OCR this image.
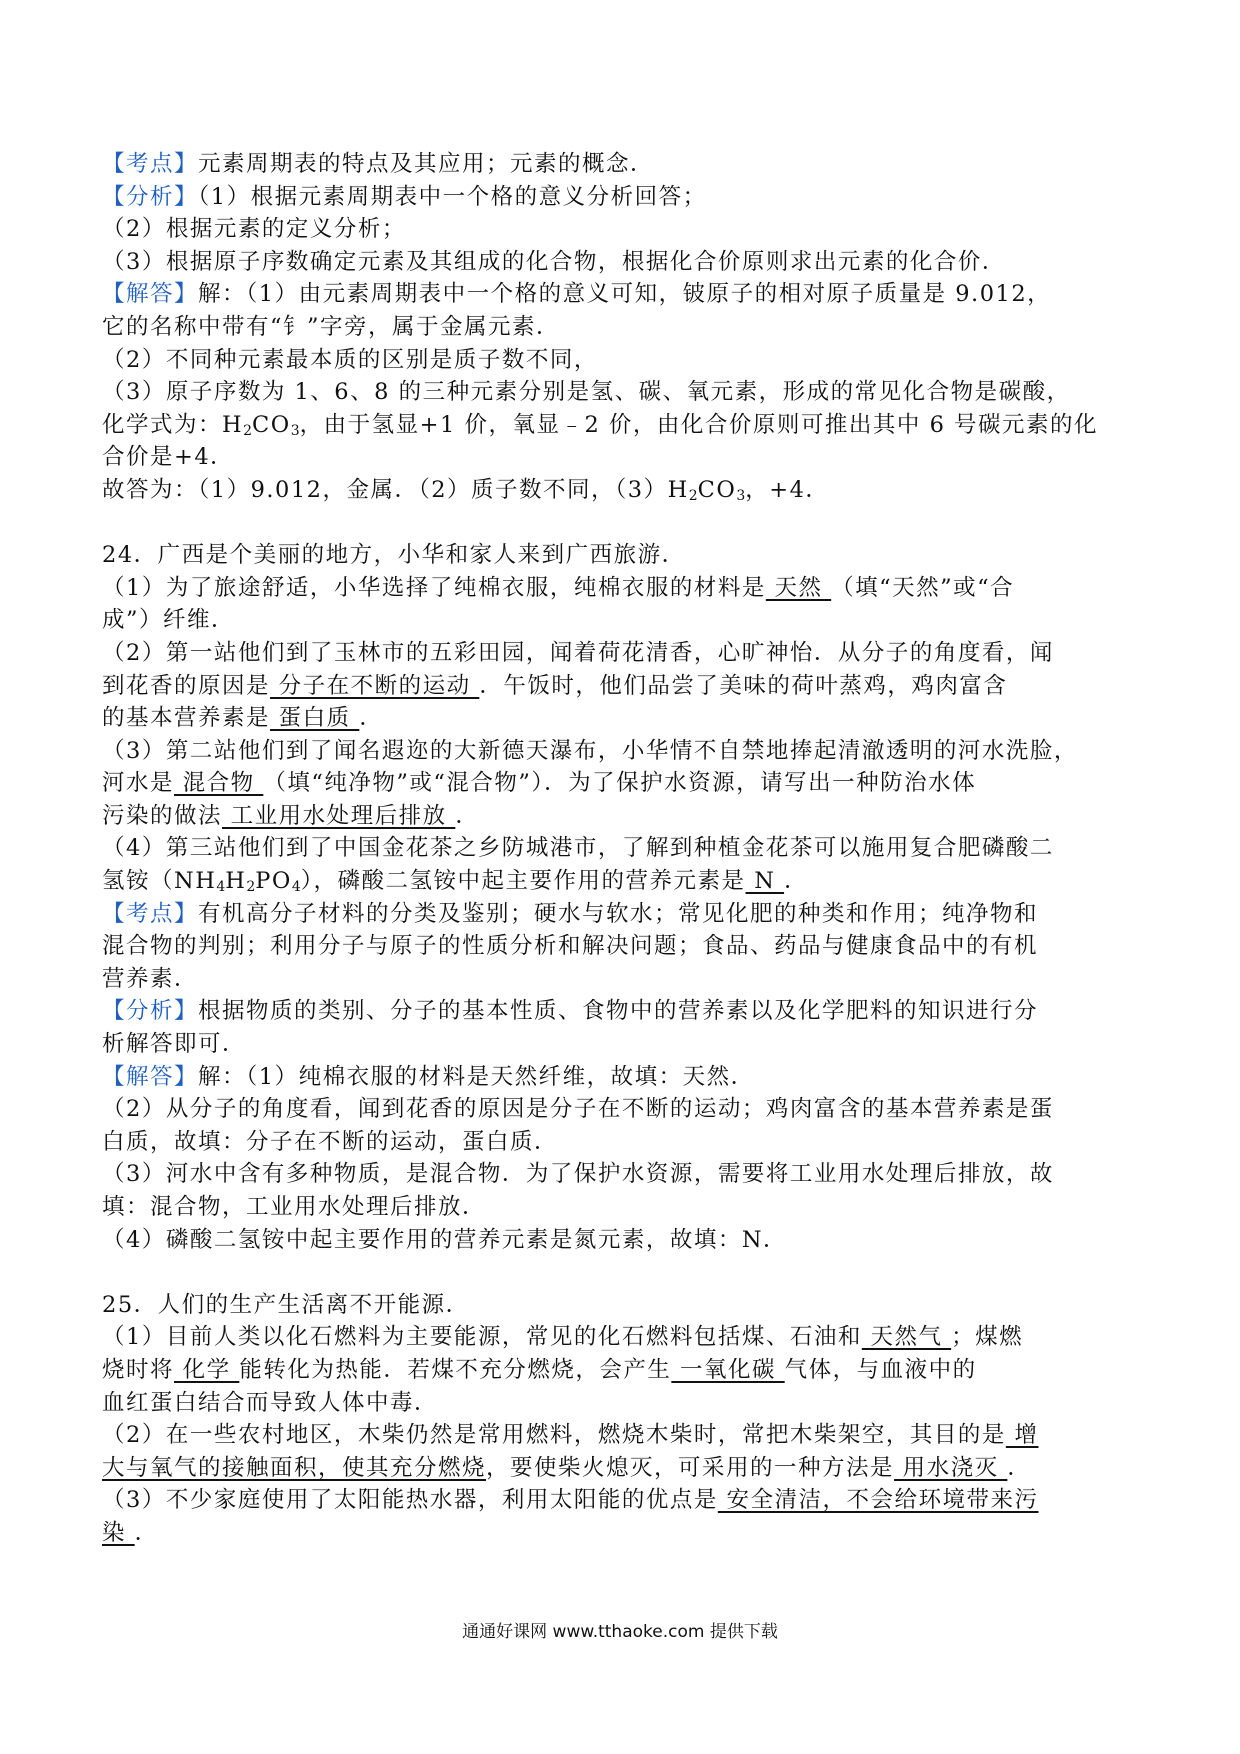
【考点】元素周期表的特点及其应用；元素的概念．
【分析】（1）根据元素周期表中一个格的意义分析回答；
（2）根据元素的定义分析；
（3）根据原子序数确定元素及其组成的化合物，根据化合价原则求出元素的化合价．
【解答】解：（1）由元素周期表中一个格的意义可知，铍原子的相对原子质量是 9.012，
它的名称中带有“钅”字旁，属于金属元素．
（2）不同种元素最本质的区别是质子数不同，
（3）原子序数为 1、6、8 的三种元素分别是氢、碳、氧元素，形成的常见化合物是碳酸，
化学式为：$H_2CO_3$，由于氢显+1 价，氧显﹣2 价，由化合价原则可推出其中 6 号碳元素的化
合价是+4．
故答为：（1）9.012，金属．（2）质子数不同，$(3)H_2CO_3$，+4．
24．广西是个美丽的地方，小华和家人来到广西旅游．
（1）为了旅途舒适，小华选择了纯棉衣服，纯棉衣服的材料是 天然 （填“天然”或“合
成”）纤维．
（2）第一站他们到了玉林市的五彩田园，闻着荷花清香，心旷神怡．从分子的角度看，闻
到花香的原因是 分子在不断的运动 ．午饭时，他们品尝了美味的荷叶蒸鸡，鸡肉富含
的基本营养素是 蛋白质 ．
（3）第二站他们到了闻名遐迩的大新德天瀑布，小华情不自禁地捧起清澈透明的河水洗脸，
河水是 混合物 （填“纯净物”或“混合物”）．为了保护水资源，请写出一种防治水体
污染的做法 工业用水处理后排放 ．
（4）第三站他们到了中国金花茶之乡防城港市，了解到种植金花茶可以施用复合肥磷酸二
氢铵$(NH_4H_2PO_4)$，磷酸二氢铵中起主要作用的营养元素是 N ．
【考点】有机高分子材料的分类及鉴别；硬水与软水；常见化肥的种类和作用；纯净物和
混合物的判别；利用分子与原子的性质分析和解决问题；食品、药品与健康食品中的有机
营养素．
【分析】根据物质的类别、分子的基本性质、食物中的营养素以及化学肥料的知识进行分
析解答即可．
【解答】解：（1）纯棉衣服的材料是天然纤维，故填：天然．
（2）从分子的角度看，闻到花香的原因是分子在不断的运动；鸡肉富含的基本营养素是蛋
白质，故填：分子在不断的运动，蛋白质．
（3）河水中含有多种物质，是混合物．为了保护水资源，需要将工业用水处理后排放，故
填：混合物，工业用水处理后排放．
（4）磷酸二氢铵中起主要作用的营养元素是氮元素，故填：N．
25．人们的生产生活离不开能源．
（1）目前人类以化石燃料为主要能源，常见的化石燃料包括煤、石油和 天然气 ；煤燃
烧时将 化学 能转化为热能．若煤不充分燃烧，会产生 一氧化碳 气体，与血液中的
血红蛋白结合而导致人体中毒．
（2）在一些农村地区，木柴仍然是常用燃料，燃烧木柴时，常把木柴架空，其目的是 增
大与氧气的接触面积，使其充分燃烧，要使柴火熄灭，可采用的一种方法是 用水浇灭 ．
（3）不少家庭使用了太阳能热水器，利用太阳能的优点是 安全清洁，不会给环境带来污
染 ．
通通好课网 www.tthaoke.com 提供下载
